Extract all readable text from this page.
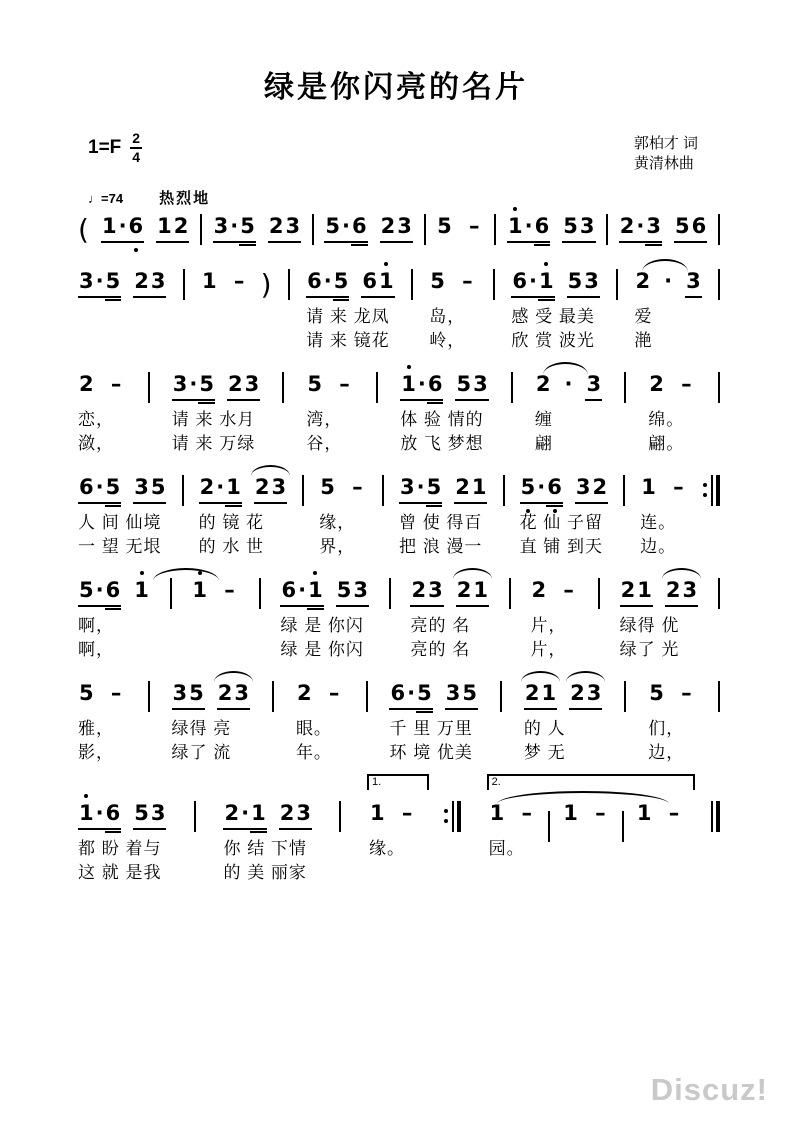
绿是你闪亮的名片
$1=F \frac{2}{4}$	郭柏才 词
黄清林曲
♩=74 热烈地
( 1 · 6 1 2 3 · 5 2 3 5 · 6 2 3 5 – 1 · 6 5 3 2 · 3 5 6
3 · 5 2 3 1 – ) 6 · 5 6 1
请 来 龙凤
请 来 镜花
5 –
岛，
岭，
6 · 1 5 3
感 受 最美
欣 赏 波光
2 · 3
爱
滟
2 –
恋，
潋，
3 · 5 2 3
请 来 水月
请 来 万绿
5 –
湾，
谷，
1 · 6 5 3
体 验 情的
放 飞 梦想
2 · 3
缠
翩
2 –
绵。
翩。
6 · 5 3 5
人 间 仙境
一 望 无垠
2 · 1 2 3
的 镜 花
的 水 世
5 –
缘，
界，
3 · 5 2 1
曾 使 得百
把 浪 漫一
5 · 6 3 2
花 仙 子留
直 铺 到天
1 –
连。
边。
5 · 6 1
啊，
啊，
1 – 6 · 1 5 3
绿 是 你闪
绿 是 你闪
2 3 2 1
亮的 名
亮的 名
2 –
片，
片，
2 1 2 3
绿得 优
绿了 光
5 –
雅，
影，
3 5 2 3
绿得 亮
绿了 流
2 –
眼。
年。
6 · 5 3 5
千 里 万里
环 境 优美
2 1 2 3
的 人
梦 无
5 –
们，
边，
1 · 6 5 3
都 盼 着与
这 就 是我
2 · 1 2 3
你 结 下情
的 美 丽家
1.
1 –
缘。
2.
1 – 1 – 1 –
园。
Discuz!
